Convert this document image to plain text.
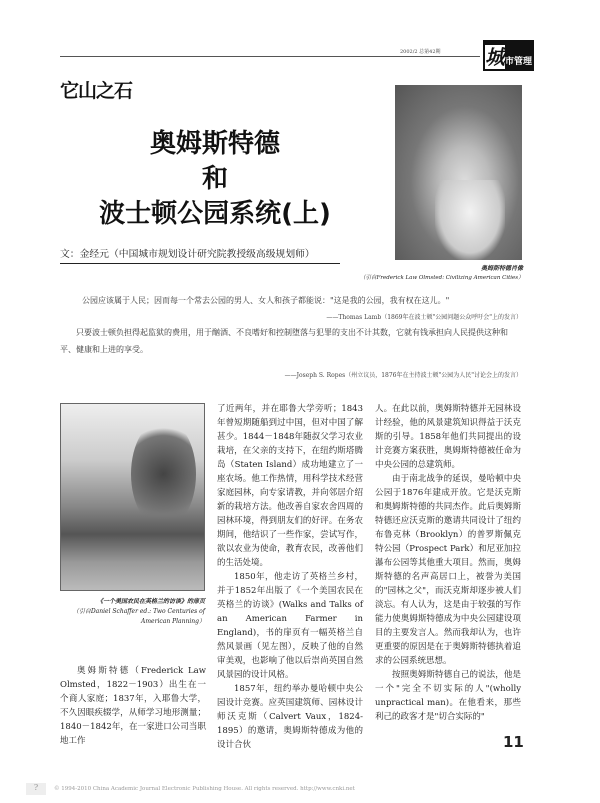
2002/2 总第42期	城市管理
它山之石
奥姆斯特德
和
波士顿公园系统(上)
文：金经元（中国城市规划设计研究院教授级高级规划师）
奥姆斯特德肖像
（引自Frederick Law Olmsted: Civilizing American Cities）
公园应该属于人民；因而每一个常去公园的男人、女人和孩子都能说："这是我的公园，我有权在这儿。"
——Thomas Lamb（1869年在波士顿"公园问题公众呼吁会"上的发言）
只要波士顿负担得起监狱的费用，用于酗酒、不良嗜好和控制堕落与犯罪的支出不计其数，它就有钱承担向人民提供这种和平、健康和上进的享受。
——Joseph S. Ropes（州立议员，1876年在主持波士顿"公园为人民"讨论会上的发言）
《一个美国农民在英格兰的访谈》的扉页
（引自Daniel Schaffer ed.: Two Centuries of American Planning）

奥姆斯特德（Frederick Law Olmsted，1822－1903）出生在一个商人家庭；1837年，入耶鲁大学，不久因眼疾辍学，从师学习地形测量；1840－1842年，在一家进口公司当职地工作

了近两年，并在耶鲁大学旁听；1843年曾短期随船到过中国，但对中国了解甚少。1844－1848年随叔父学习农业栽培，在父亲的支持下，在纽约斯塔腾岛（Staten Island）成功地建立了一座农场。他工作热情，用科学技术经营家庭园林，向专家请教，并向邻居介绍新的栽培方法。他改善自家农舍四周的园林环境，得到朋友们的好评。在务农期间，他结识了一些作家，尝试写作，欲以农业为使命，教育农民，改善他们的生活处境。

1850年，他走访了英格兰乡村，并于1852年出版了《一个美国农民在英格兰的访谈》(Walks and Talks of an American Farmer in England)，书的扉页有一幅英格兰自然风景画（见左图），反映了他的自然审美观，也影响了他以后崇尚英国自然风景园的设计风格。

1857年，纽约举办曼哈顿中央公园设计竞赛。应英国建筑师、园林设计师沃克斯（Calvert Vaux，1824-1895）的邀请，奥姆斯特德成为他的设计合伙

人。在此以前，奥姆斯特德并无园林设计经验，他的风景建筑知识得益于沃克斯的引导。1858年他们共同提出的设计竞赛方案获胜，奥姆斯特德被任命为中央公园的总建筑师。

由于南北战争的延误，曼哈顿中央公园于1876年建成开放。它是沃克斯和奥姆斯特德的共同杰作。此后奥姆斯特德还应沃克斯的邀请共同设计了纽约布鲁克林（Brooklyn）的普罗斯佩克特公园（Prospect Park）和尼亚加拉瀑布公园等其他重大项目。然而，奥姆斯特德的名声高居口上，被誉为美国的"园林之父"，而沃克斯却逐步被人们淡忘。有人认为，这是由于较强的写作能力使奥姆斯特德成为中央公园建设项目的主要发言人。然而我却认为，也许更重要的原因是在于奥姆斯特德执着追求的公园系统思想。

按照奥姆斯特德自己的说法，他是一个"完全不切实际的人"(wholly unpractical man)。在他看来，那些利己的政客才是"切合实际的"

11
?	© 1994-2010 China Academic Journal Electronic Publishing House. All rights reserved. http://www.cnki.net
